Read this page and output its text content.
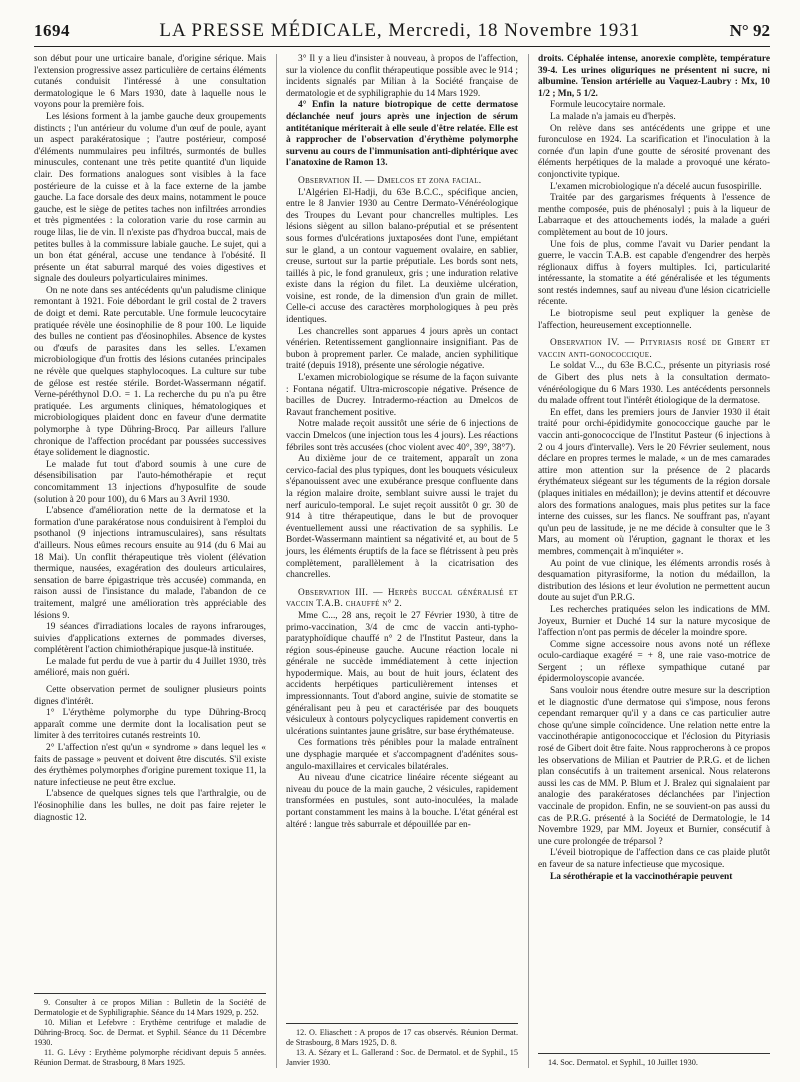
1694	LA PRESSE MÉDICALE, Mercredi, 18 Novembre 1931	N° 92

son début pour une urticaire banale, d'origine sérique. Mais l'extension progressive assez particulière de certains éléments cutanés conduisit l'intéressé à une consultation dermatologique le 6 Mars 1930, date à laquelle nous le voyons pour la première fois.

Les lésions forment à la jambe gauche deux groupements distincts ; l'un antérieur du volume d'un œuf de poule, ayant un aspect parakératosique ; l'autre postérieur, composé d'éléments nummulaires peu infiltrés, surmontés de bulles minuscules, contenant une très petite quantité d'un liquide clair. Des formations analogues sont visibles à la face postérieure de la cuisse et à la face externe de la jambe gauche. La face dorsale des deux mains, notamment le pouce gauche, est le siège de petites taches non infiltrées arrondies et très pigmentées : la coloration varie du rose carmin au rouge lilas, lie de vin. Il n'existe pas d'hydroa buccal, mais de petites bulles à la commissure labiale gauche. Le sujet, qui a un bon état général, accuse une tendance à l'obésité. Il présente un état saburral marqué des voies digestives et signale des douleurs polyarticulaires minimes.

On ne note dans ses antécédents qu'un paludisme clinique remontant à 1921. Foie débordant le gril costal de 2 travers de doigt et demi. Rate percutable. Une formule leucocytaire pratiquée révèle une éosinophilie de 8 pour 100. Le liquide des bulles ne contient pas d'éosinophiles. Absence de kystes ou d'œufs de parasites dans les selles. L'examen microbiologique d'un frottis des lésions cutanées principales ne révèle que quelques staphylocoques. La culture sur tube de gélose est restée stérile. Bordet-Wassermann négatif. Verne-péréthynol D.O. = 1. La recherche du pu n'a pu être pratiquée. Les arguments cliniques, hématologiques et microbiologiques plaident donc en faveur d'une dermatite polymorphe à type Dühring-Brocq. Par ailleurs l'allure chronique de l'affection procédant par poussées successives étaye solidement le diagnostic.

Le malade fut tout d'abord soumis à une cure de désensibilisation par l'auto-hémothérapie et reçut concomitamment 13 injections d'hyposulfite de soude (solution à 20 pour 100), du 6 Mars au 3 Avril 1930.

L'absence d'amélioration nette de la dermatose et la formation d'une parakératose nous conduisirent à l'emploi du psothanol (9 injections intramusculaires), sans résultats d'ailleurs. Nous eûmes recours ensuite au 914 (du 6 Mai au 18 Mai). Un conflit thérapeutique très violent (élévation thermique, nausées, exagération des douleurs articulaires, sensation de barre épigastrique très accusée) commanda, en raison aussi de l'insistance du malade, l'abandon de ce traitement, malgré une amélioration très appréciable des lésions 9.

19 séances d'irradiations locales de rayons infrarouges, suivies d'applications externes de pommades diverses, complétèrent l'action chimiothérapique jusque-là instituée.

Le malade fut perdu de vue à partir du 4 Juillet 1930, très amélioré, mais non guéri.

Cette observation permet de souligner plusieurs points dignes d'intérêt.

1° L'érythème polymorphe du type Dühring-Brocq apparaît comme une dermite dont la localisation peut se limiter à des territoires cutanés restreints 10.

2° L'affection n'est qu'un « syndrome » dans lequel les « faits de passage » peuvent et doivent être discutés. S'il existe des érythèmes polymorphes d'origine purement toxique 11, la nature infectieuse ne peut être exclue.

L'absence de quelques signes tels que l'arthralgie, ou de l'éosinophilie dans les bulles, ne doit pas faire rejeter le diagnostic 12.

9. Consulter à ce propos Milian : Bulletin de la Société de Dermatologie et de Syphiligraphie. Séance du 14 Mars 1929, p. 252.

10. Milian et Lefebvre : Erythème centrifuge et maladie de Dühring-Brocq. Soc. de Dermat. et Syphil. Séance du 11 Décembre 1930.

11. G. Lévy : Erythème polymorphe récidivant depuis 5 années. Réunion Dermat. de Strasbourg, 8 Mars 1925.

3° Il y a lieu d'insister à nouveau, à propos de l'affection, sur la violence du conflit thérapeutique possible avec le 914 ; incidents signalés par Milian à la Société française de dermatologie et de syphiligraphie du 14 Mars 1929.

4° Enfin la nature biotropique de cette dermatose déclanchée neuf jours après une injection de sérum antitétanique mériterait à elle seule d'être relatée. Elle est à rapprocher de l'observation d'érythème polymorphe survenu au cours de l'immunisation anti-diphtérique avec l'anatoxine de Ramon 13.

Observation II. — Dmelcos et zona facial.

L'Algérien El-Hadji, du 63e B.C.C., spécifique ancien, entre le 8 Janvier 1930 au Centre Dermato-Vénéréologique des Troupes du Levant pour chancrelles multiples. Les lésions siègent au sillon balano-préputial et se présentent sous formes d'ulcérations juxtaposées dont l'une, empiétant sur le gland, a un contour vaguement ovalaire, en sablier, creuse, surtout sur la partie préputiale. Les bords sont nets, taillés à pic, le fond granuleux, gris ; une induration relative existe dans la région du filet. La deuxième ulcération, voisine, est ronde, de la dimension d'un grain de millet. Celle-ci accuse des caractères morphologiques à peu près identiques.

Les chancrelles sont apparues 4 jours après un contact vénérien. Retentissement ganglionnaire insignifiant. Pas de bubon à proprement parler. Ce malade, ancien syphilitique traité (depuis 1918), présente une sérologie négative.

L'examen microbiologique se résume de la façon suivante : Fontana négatif. Ultra-microscopie négative. Présence de bacilles de Ducrey. Intradermo-réaction au Dmelcos de Ravaut franchement positive.

Notre malade reçoit aussitôt une série de 6 injections de vaccin Dmelcos (une injection tous les 4 jours). Les réactions fébriles sont très accusées (choc violent avec 40°, 39°, 38°7).

Au dixième jour de ce traitement, apparaît un zona cervico-facial des plus typiques, dont les bouquets vésiculeux s'épanouissent avec une exubérance presque confluente dans la région malaire droite, semblant suivre aussi le trajet du nerf auriculo-temporal. Le sujet reçoit aussitôt 0 gr. 30 de 914 à titre thérapeutique, dans le but de provoquer éventuellement aussi une réactivation de sa syphilis. Le Bordet-Wassermann maintient sa négativité et, au bout de 5 jours, les éléments éruptifs de la face se flétrissent à peu près complètement, parallèlement à la cicatrisation des chancrelles.

Observation III. — Herpès buccal généralisé et vaccin T.A.B. chauffé n° 2.

Mme C..., 28 ans, reçoit le 27 Février 1930, à titre de primo-vaccination, 3/4 de cmc de vaccin anti-typho-paratyphoïdique chauffé n° 2 de l'Institut Pasteur, dans la région sous-épineuse gauche. Aucune réaction locale ni générale ne succède immédiatement à cette injection hypodermique. Mais, au bout de huit jours, éclatent des accidents herpétiques particulièrement intenses et impressionnants. Tout d'abord angine, suivie de stomatite se généralisant peu à peu et caractérisée par des bouquets vésiculeux à contours polycycliques rapidement convertis en ulcérations suintantes jaune grisâtre, sur base érythémateuse.

Ces formations très pénibles pour la malade entraînent une dysphagie marquée et s'accompagnent d'adénites sous-angulo-maxillaires et cervicales bilatérales.

Au niveau d'une cicatrice linéaire récente siégeant au niveau du pouce de la main gauche, 2 vésicules, rapidement transformées en pustules, sont auto-inoculées, la malade portant constamment les mains à la bouche. L'état général est altéré : langue très saburrale et dépouillée par en-

12. O. Eliaschett : A propos de 17 cas observés. Réunion Dermat. de Strasbourg, 8 Mars 1925, D. 8.

13. A. Sézary et L. Gallerand : Soc. de Dermatol. et de Syphil., 15 Janvier 1930.

droits. Céphalée intense, anorexie complète, température 39-4. Les urines oliguriques ne présentent ni sucre, ni albumine. Tension artérielle au Vaquez-Laubry : Mx, 10 1/2 ; Mn, 5 1/2.

Formule leucocytaire normale.

La malade n'a jamais eu d'herpès.

On relève dans ses antécédents une grippe et une furonculose en 1924. La scarification et l'inoculation à la cornée d'un lapin d'une goutte de sérosité provenant des éléments herpétiques de la malade a provoqué une kérato-conjonctivite typique.

L'examen microbiologique n'a décelé aucun fusospirille.

Traitée par des gargarismes fréquents à l'essence de menthe composée, puis de phénosalyl ; puis à la liqueur de Labarraque et des attouchements iodés, la malade a guéri complètement au bout de 10 jours.

Une fois de plus, comme l'avait vu Darier pendant la guerre, le vaccin T.A.B. est capable d'engendrer des herpès réglionaux diffus à foyers multiples. Ici, particularité intéressante, la stomatite a été généralisée et les téguments sont restés indemnes, sauf au niveau d'une lésion cicatricielle récente.

Le biotropisme seul peut expliquer la genèse de l'affection, heureusement exceptionnelle.

Observation IV. — Pityriasis rosé de Gibert et vaccin anti-gonococcique.

Le soldat V..., du 63e B.C.C., présente un pityriasis rosé de Gibert des plus nets à la consultation dermato-vénéréologique du 6 Mars 1930. Les antécédents personnels du malade offrent tout l'intérêt étiologique de la dermatose.

En effet, dans les premiers jours de Janvier 1930 il était traité pour orchi-épididymite gonococcique gauche par le vaccin anti-gonococcique de l'Institut Pasteur (6 injections à 2 ou 4 jours d'intervalle). Vers le 20 Février seulement, nous déclare en propres termes le malade, « un de mes camarades attire mon attention sur la présence de 2 placards érythémateux siégeant sur les téguments de la région dorsale (plaques initiales en médaillon); je devins attentif et découvre alors des formations analogues, mais plus petites sur la face interne des cuisses, sur les flancs. Ne souffrant pas, n'ayant qu'un peu de lassitude, je ne me décide à consulter que le 3 Mars, au moment où l'éruption, gagnant le thorax et les membres, commençait à m'inquiéter ».

Au point de vue clinique, les éléments arrondis rosés à desquamation pityrasiforme, la notion du médaillon, la distribution des lésions et leur évolution ne permettent aucun doute au sujet d'un P.R.G.

Les recherches pratiquées selon les indications de MM. Joyeux, Burnier et Duché 14 sur la nature mycosique de l'affection n'ont pas permis de déceler la moindre spore.

Comme signe accessoire nous avons noté un réflexe oculo-cardiaque exagéré = + 8, une raie vaso-motrice de Sergent ; un réflexe sympathique cutané par épidermoloyscopie avancée.

Sans vouloir nous étendre outre mesure sur la description et le diagnostic d'une dermatose qui s'impose, nous ferons cependant remarquer qu'il y a dans ce cas particulier autre chose qu'une simple coïncidence. Une relation nette entre la vaccinothérapie antigonococcique et l'éclosion du Pityriasis rosé de Gibert doit être faite. Nous rapprocherons à ce propos les observations de Milian et Pautrier de P.R.G. et de lichen plan consécutifs à un traitement arsenical. Nous relaterons aussi les cas de MM. P. Blum et J. Bralez qui signalaient par analogie des parakératoses déclanchées par l'injection vaccinale de propidon. Enfin, ne se souvient-on pas aussi du cas de P.R.G. présenté à la Société de Dermatologie, le 14 Novembre 1929, par MM. Joyeux et Burnier, consécutif à une cure prolongée de tréparsol ?

L'éveil biotropique de l'affection dans ce cas plaide plutôt en faveur de sa nature infectieuse que mycosique.

La sérothérapie et la vaccinothérapie peuvent

14. Soc. Dermatol. et Syphil., 10 Juillet 1930.
